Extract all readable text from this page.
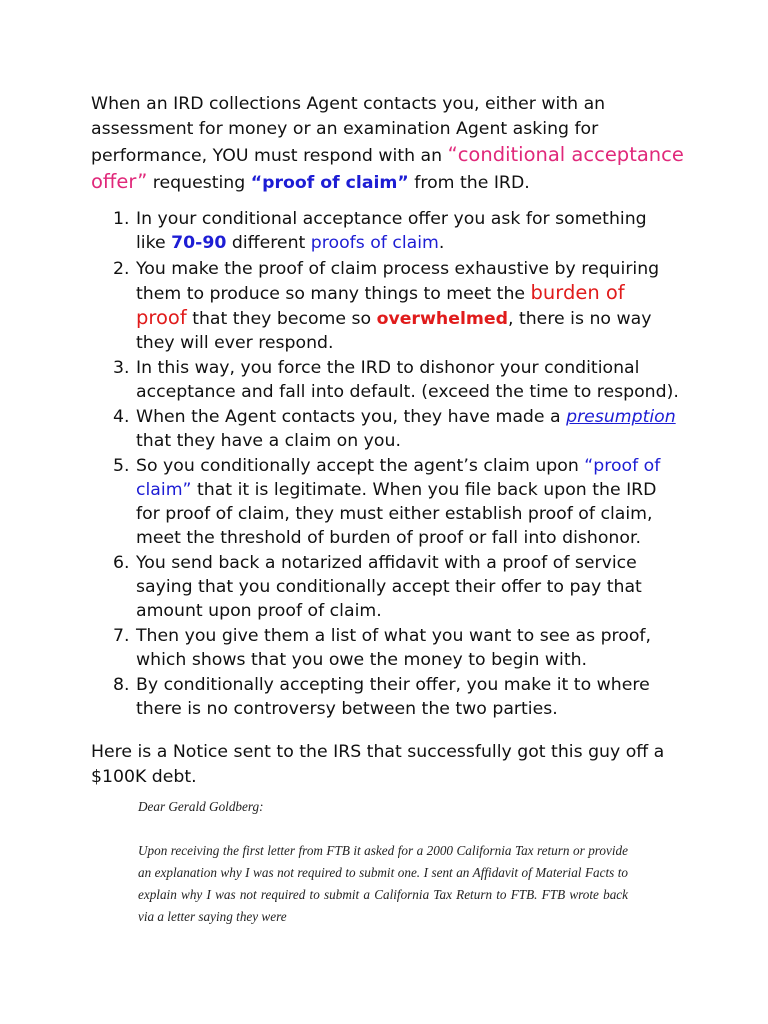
When an IRD collections Agent contacts you, either with an assessment for money or an examination Agent asking for performance, YOU must respond with an “conditional acceptance offer” requesting “proof of claim” from the IRD.

1. In your conditional acceptance offer you ask for something like 70-90 different proofs of claim.
2. You make the proof of claim process exhaustive by requiring them to produce so many things to meet the burden of proof that they become so overwhelmed, there is no way they will ever respond.
3. In this way, you force the IRD to dishonor your conditional acceptance and fall into default. (exceed the time to respond).
4. When the Agent contacts you, they have made a presumption that they have a claim on you.
5. So you conditionally accept the agent’s claim upon “proof of claim” that it is legitimate. When you file back upon the IRD for proof of claim, they must either establish proof of claim, meet the threshold of burden of proof or fall into dishonor.
6. You send back a notarized affidavit with a proof of service saying that you conditionally accept their offer to pay that amount upon proof of claim.
7. Then you give them a list of what you want to see as proof, which shows that you owe the money to begin with.
8. By conditionally accepting their offer, you make it to where there is no controversy between the two parties.

Here is a Notice sent to the IRS that successfully got this guy off a $100K debt.

Dear Gerald Goldberg:

Upon receiving the first letter from FTB it asked for a 2000 California Tax return or provide an explanation why I was not required to submit one. I sent an Affidavit of Material Facts to explain why I was not required to submit a California Tax Return to FTB. FTB wrote back via a letter saying they were
